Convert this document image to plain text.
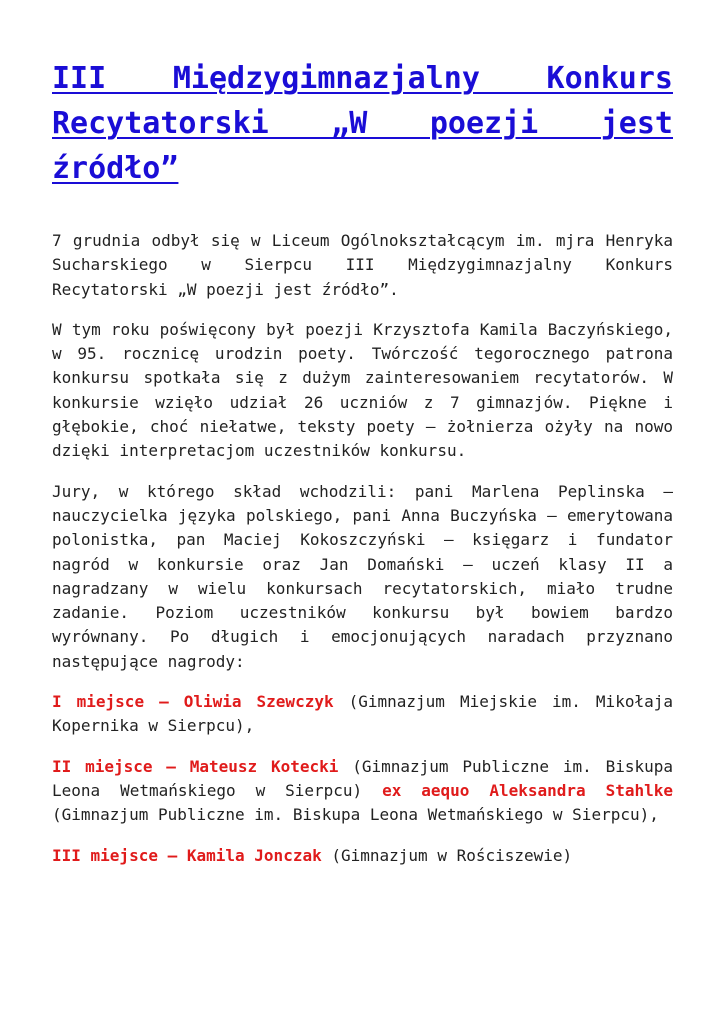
III Międzygimnazjalny Konkurs Recytatorski „W poezji jest źródło”

7 grudnia odbył się w Liceum Ogólnokształcącym im. mjra Henryka Sucharskiego w Sierpcu III Międzygimnazjalny Konkurs Recytatorski „W poezji jest źródło”.

W tym roku poświęcony był poezji Krzysztofa Kamila Baczyńskiego, w 95. rocznicę urodzin poety. Twórczość tegorocznego patrona konkursu spotkała się z dużym zainteresowaniem recytatorów. W konkursie wzięło udział 26 uczniów z 7 gimnazjów. Piękne i głębokie, choć niełatwe, teksty poety – żołnierza ożyły na nowo dzięki interpretacjom uczestników konkursu.

Jury, w którego skład wchodzili: pani Marlena Peplinska – nauczycielka języka polskiego, pani Anna Buczyńska – emerytowana polonistka, pan Maciej Kokoszczyński – księgarz i fundator nagród w konkursie oraz Jan Domański – uczeń klasy II a nagradzany w wielu konkursach recytatorskich, miało trudne zadanie. Poziom uczestników konkursu był bowiem bardzo wyrównany. Po długich i emocjonujących naradach przyznano następujące nagrody:

I miejsce – Oliwia Szewczyk (Gimnazjum Miejskie im. Mikołaja Kopernika w Sierpcu),

II miejsce – Mateusz Kotecki (Gimnazjum Publiczne im. Biskupa Leona Wetmańskiego w Sierpcu) ex aequo Aleksandra Stahlke (Gimnazjum Publiczne im. Biskupa Leona Wetmańskiego w Sierpcu),

III miejsce – Kamila Jonczak (Gimnazjum w Rościszewie)
